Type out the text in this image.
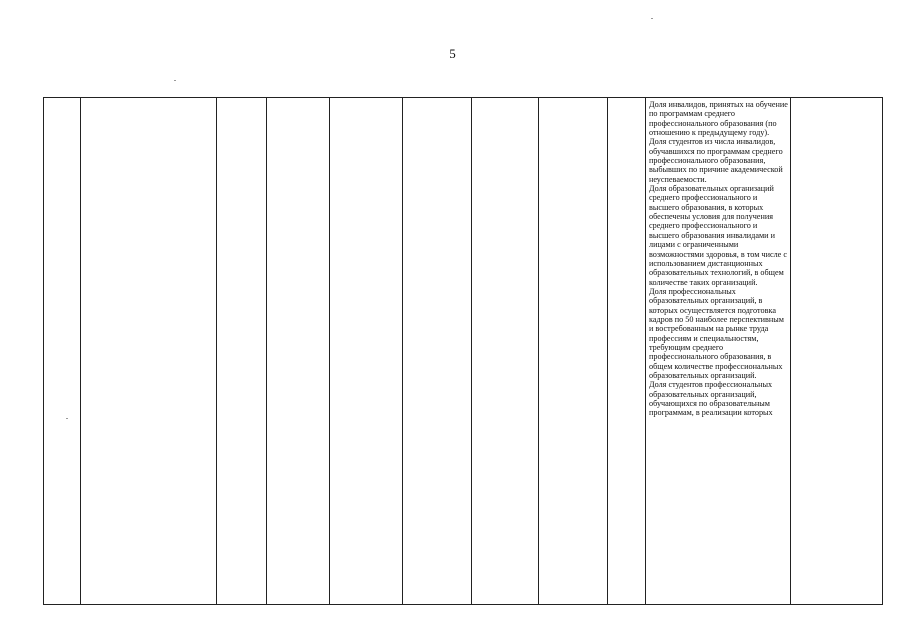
5

Доля инвалидов, принятых на обучение по программам среднего профессионального образования (по отношению к предыдущему году).

Доля студентов из числа инвалидов, обучавшихся по программам среднего профессионального образования, выбывших по причине академической неуспеваемости.

Доля образовательных организаций среднего профессионального и высшего образования, в которых обеспечены условия для получения среднего профессионального и высшего образования инвалидами и лицами с ограниченными возможностями здоровья, в том числе с использованием дистанционных образовательных технологий, в общем количестве таких организаций.

Доля профессиональных образовательных организаций, в которых осуществляется подготовка кадров по 50 наиболее перспективным и востребованным на рынке труда профессиям и специальностям, требующим среднего профессионального образования, в общем количестве профессиональных образовательных организаций.

Доля студентов профессиональных образовательных организаций, обучающихся по образовательным программам, в реализации которых
